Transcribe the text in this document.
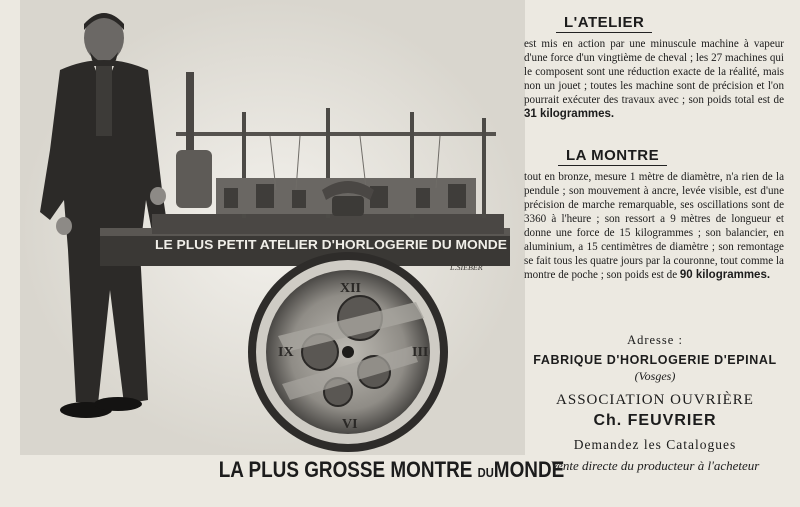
LE PLUS PETIT ATELIER D'HORLOGERIE DU MONDE
XII
III
VI
IX
L.SIEBER
LA PLUS GROSSE MONTRE DUMONDE
L'ATELIER
est mis en action par une minuscule machine à vapeur d'une force d'un vingtième de cheval ; les 27 machines qui le composent sont une réduction exacte de la réalité, mais non un jouet ; toutes les machine sont de précision et l'on pourrait exécuter des travaux avec ; son poids total est de 31 kilogrammes.
LA MONTRE
tout en bronze, mesure 1 mètre de diamètre, n'a rien de la pendule ; son mouvement à ancre, levée visible, est d'une précision de marche remarquable, ses oscillations sont de 3360 à l'heure ; son ressort a 9 mètres de longueur et donne une force de 15 kilogrammes ; son balancier, en aluminium, a 15 centimètres de diamètre ; son remontage se fait tous les quatre jours par la couronne, tout comme la montre de poche ; son poids est de 90 kilogrammes.
Adresse :
FABRIQUE D'HORLOGERIE D'EPINAL
(Vosges)
ASSOCIATION OUVRIÈRE
Ch. FEUVRIER
Demandez les Catalogues
Vente directe du producteur à l'acheteur
